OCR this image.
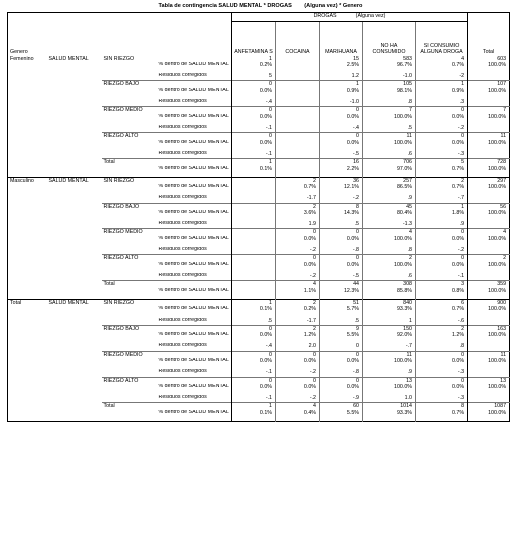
Tabla de contingencia SALUD MENTAL * DROGAS        (Alguna vez) * Genero
				DROGAS             (Alguna vez)					
Genero				ANFETAMINA S	COCAINA	MARIHUANA	NO HA CONSUMIDO	SI CONSUMIO ALGUNA DROGA	Total
Femenino	SALUD MENTAL	SIN RIEZGO		1		15	583	4	603
			% dentro de SALUD MENTAL	0.2%		2.5%	96.7%	0.7%	100.0%
			Residuos corregidos	5		1.2	-1.0	-2	
		RIEZGO BAJO		0		1	105	1	107
			% dentro de SALUD MENTAL	0.0%		0.9%	98.1%	0.9%	100.0%
			Residuos corregidos	-.4		-1.0	.8	.3	
		RIEZGO MEDIO		0		0	7	0	7
			% dentro de SALUD MENTAL	0.0%		0.0%	100.0%	0.0%	100.0%
			Residuos corregidos	-.1		-.4	.5	-.2	
		RIEZGO ALTO		0		0	11	0	11
			% dentro de SALUD MENTAL	0.0%		0.0%	100.0%	0.0%	100.0%
			Residuos corregidos	-.1		-.5	.6	-.3	
		Total		1		16	706	5	728
			% dentro de SALUD MENTAL	0.1%		2.2%	97.0%	0.7%	100.0%
Masculino	SALUD MENTAL	SIN RIEZGO			2	36	257	2	297
			% dentro de SALUD MENTAL		0.7%	12.1%	86.5%	0.7%	100.0%
			Residuos corregidos		-1.7	-.2	.9	-.7	
		RIEZGO BAJO			2	8	45	1	56
			% dentro de SALUD MENTAL		3.6%	14.3%	80.4%	1.8%	100.0%
			Residuos corregidos		1.9	.5	-1.3	.9	
		RIEZGO MEDIO			0	0	4	0	4
			% dentro de SALUD MENTAL		0.0%	0.0%	100.0%	0.0%	100.0%
			Residuos corregidos		-.2	-.8	.8	-.2	
		RIEZGO ALTO			0	0	2	0	2
			% dentro de SALUD MENTAL		0.0%	0.0%	100.0%	0.0%	100.0%
			Residuos corregidos		-.2	-.5	.6	-.1	
		Total			4	44	308	3	359
			% dentro de SALUD MENTAL		1.1%	12.3%	85.8%	0.8%	100.0%
Total	SALUD MENTAL	SIN RIEZGO		1	2	51	840	6	900
			% dentro de SALUD MENTAL	0.1%	0.2%	5.7%	93.3%	0.7%	100.0%
			Residuos corregidos	.5	-1.7	.5	1	-.6	
		RIEZGO BAJO		0	2	9	150	2	163
			% dentro de SALUD MENTAL	0.0%	1.2%	5.5%	92.0%	1.2%	100.0%
			Residuos corregidos	-.4	2.0	0	-.7	.8	
		RIEZGO MEDIO		0	0	0	11	0	11
			% dentro de SALUD MENTAL	0.0%	0.0%	0.0%	100.0%	0.0%	100.0%
			Residuos corregidos	-.1	-.2	-.8	.9	-.3	
		RIEZGO ALTO		0	0	0	13	0	13
			% dentro de SALUD MENTAL	0.0%	0.0%	0.0%	100.0%	0.0%	100.0%
			Residuos corregidos	-.1	-.2	-.9	1.0	-.3	
		Total		1	4	60	1014	8	1087
			% dentro de SALUD MENTAL	0.1%	0.4%	5.5%	93.3%	0.7%	100.0%
